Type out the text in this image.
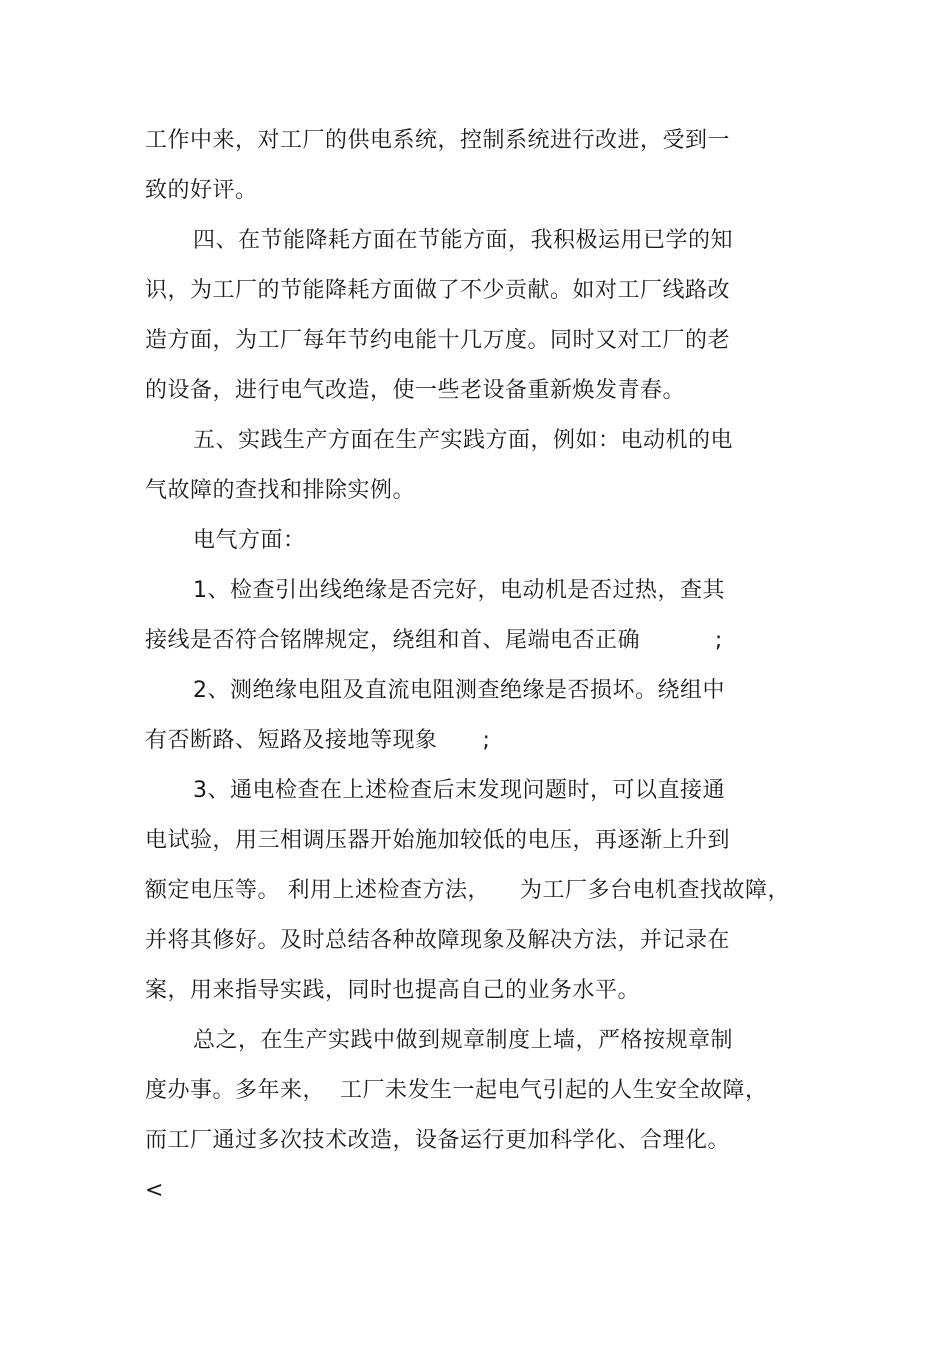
工作中来，对工厂的供电系统，控制系统进行改进，受到一
致的好评。
四、在节能降耗方面在节能方面，我积极运用已学的知
识，为工厂的节能降耗方面做了不少贡献。如对工厂线路改
造方面，为工厂每年节约电能十几万度。同时又对工厂的老
的设备，进行电气改造，使一些老设备重新焕发青春。
五、实践生产方面在生产实践方面，例如：电动机的电
气故障的查找和排除实例。
电气方面：
1、检查引出线绝缘是否完好，电动机是否过热，查其
接线是否符合铭牌规定，绕组和首、尾端电否正确          ;
2、测绝缘电阻及直流电阻测查绝缘是否损坏。绕组中
有否断路、短路及接地等现象      ;
3、通电检查在上述检查后末发现问题时，可以直接通
电试验，用三相调压器开始施加较低的电压，再逐渐上升到
额定电压等。 利用上述检查方法，    为工厂多台电机查找故障，
并将其修好。及时总结各种故障现象及解决方法，并记录在
案，用来指导实践，同时也提高自己的业务水平。
总之，在生产实践中做到规章制度上墙，严格按规章制
度办事。多年来，  工厂未发生一起电气引起的人生安全故障，
而工厂通过多次技术改造，设备运行更加科学化、合理化。
<
